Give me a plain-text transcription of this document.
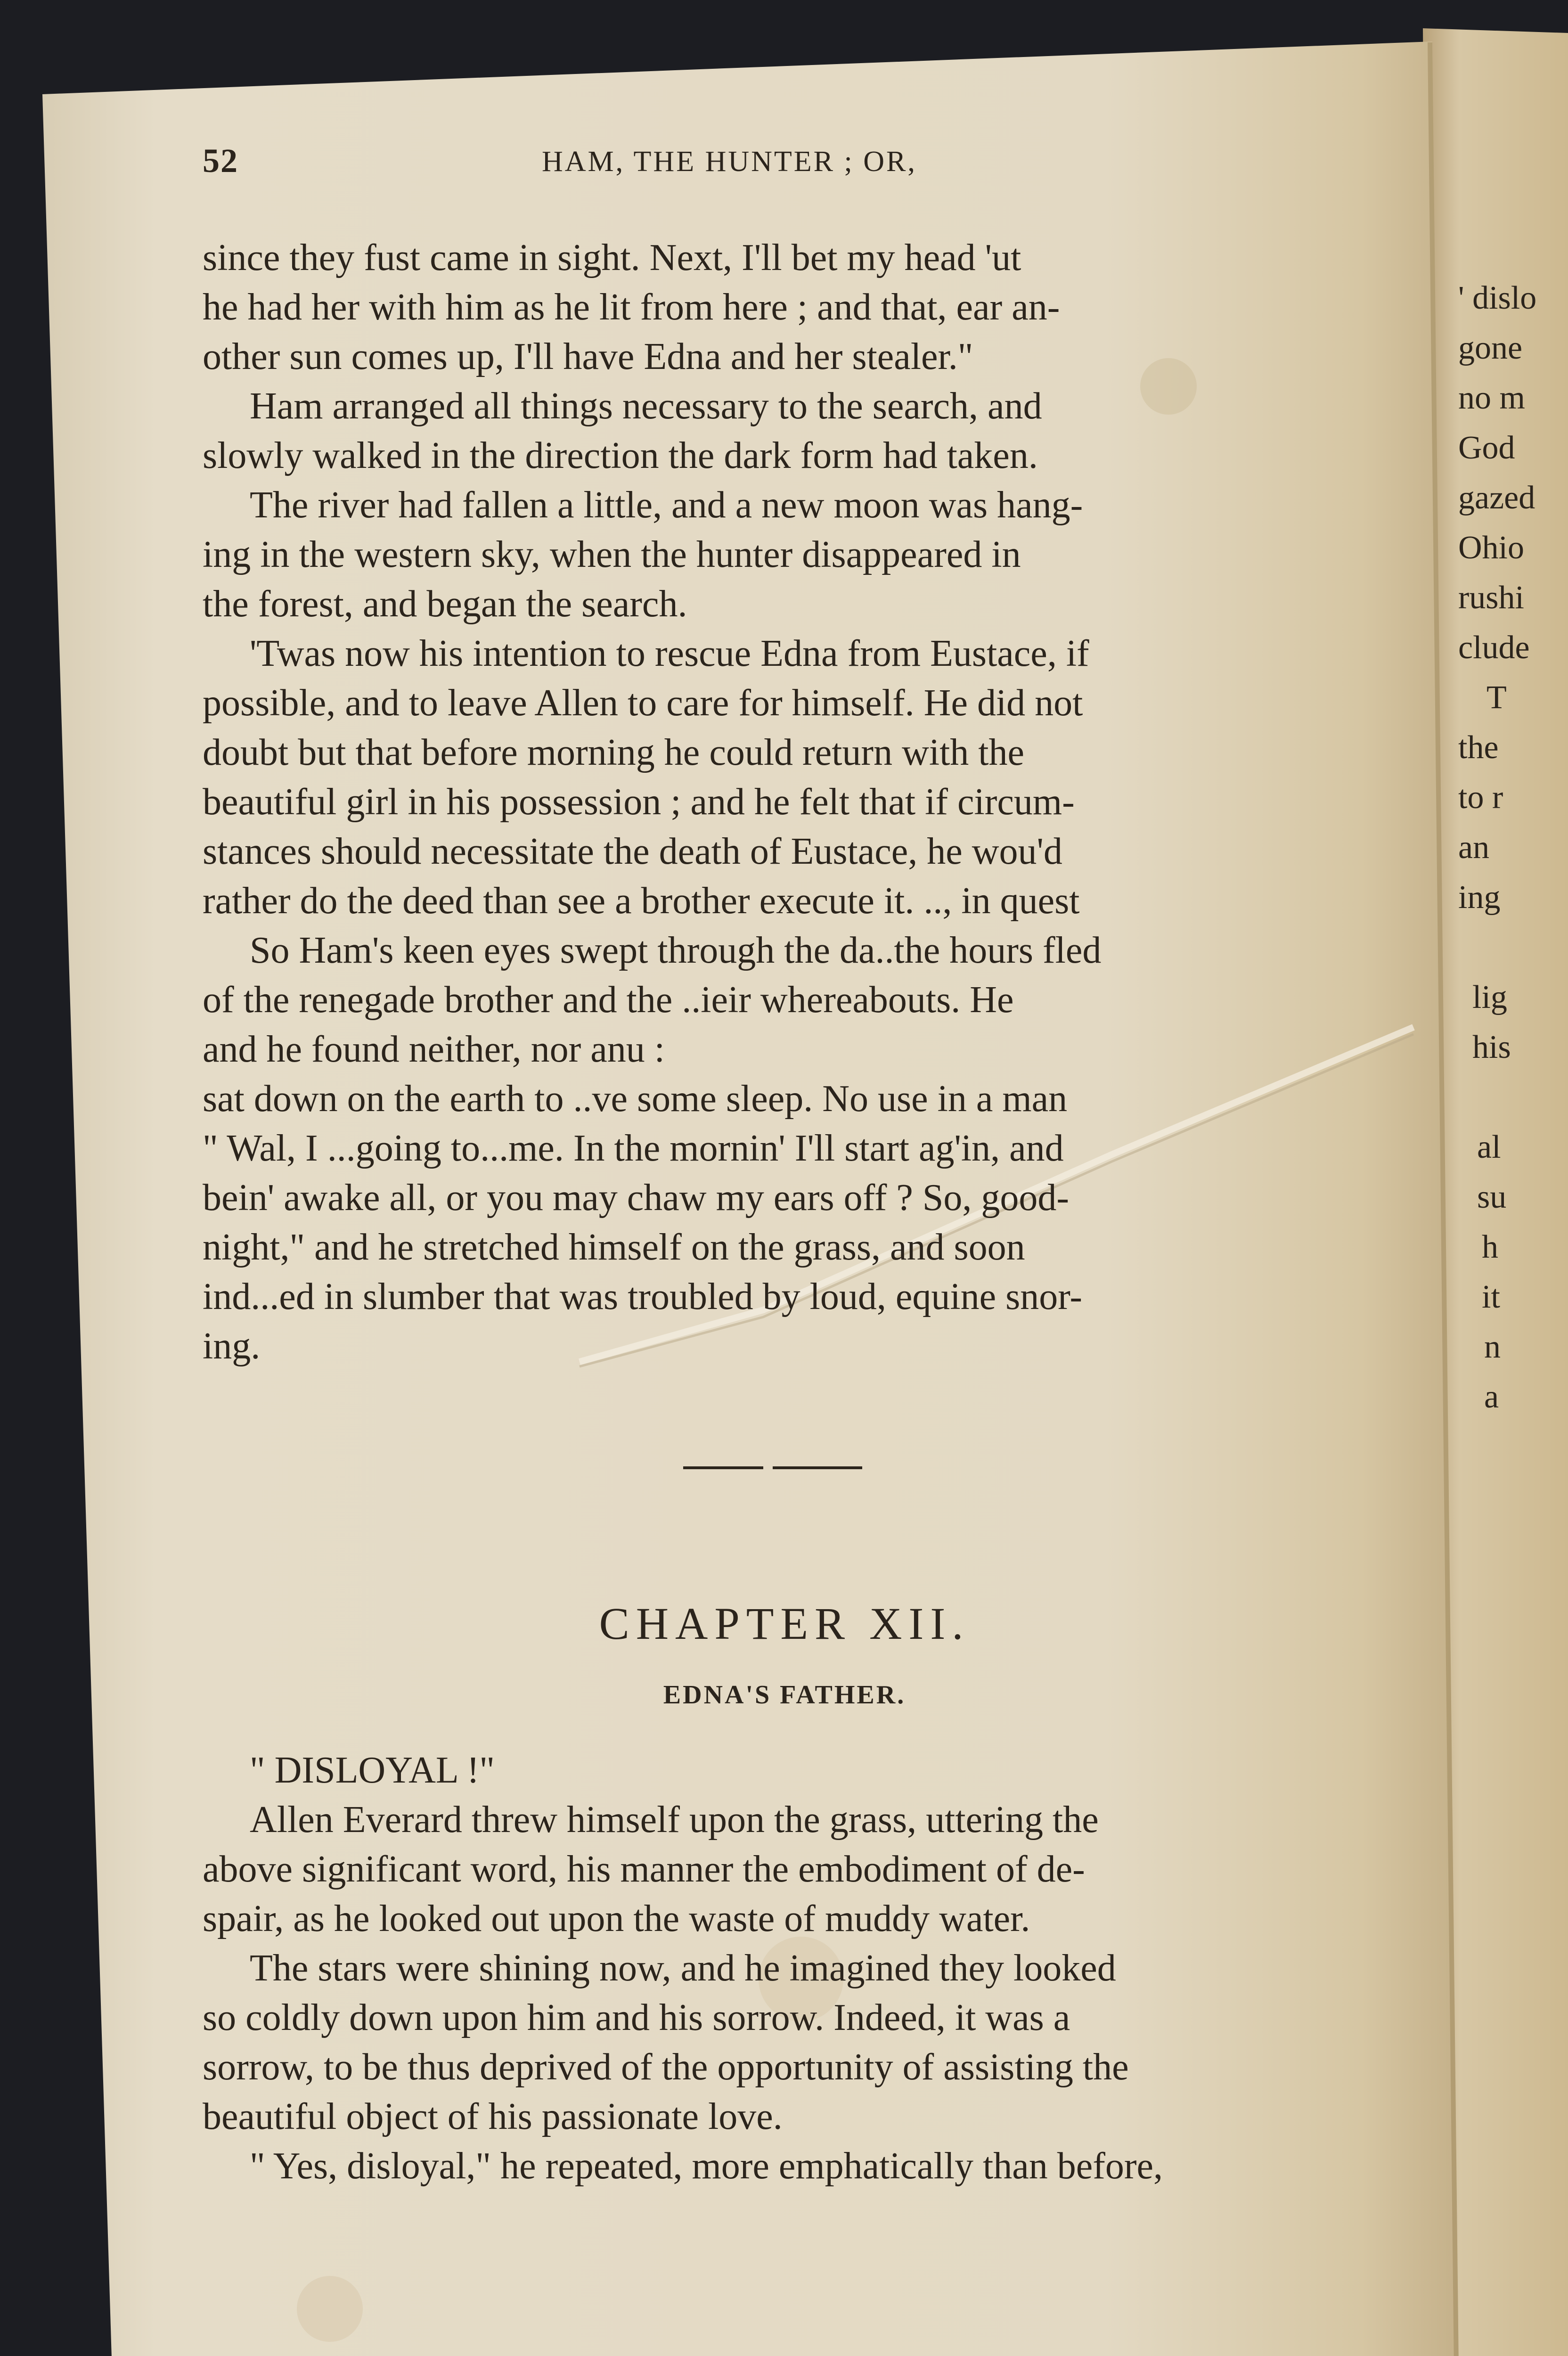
52	HAM, THE HUNTER ; OR,
since they fust came in sight. Next, I'll bet my head 'ut
he had her with him as he lit from here ; and that, ear an-
other sun comes up, I'll have Edna and her stealer."
Ham arranged all things necessary to the search, and
slowly walked in the direction the dark form had taken.
The river had fallen a little, and a new moon was hang-
ing in the western sky, when the hunter disappeared in
the forest, and began the search.
'Twas now his intention to rescue Edna from Eustace, if
possible, and to leave Allen to care for himself. He did not
doubt but that before morning he could return with the
beautiful girl in his possession ; and he felt that if circum-
stances should necessitate the death of Eustace, he wou'd
rather do the deed than see a brother execute it. .., in quest
So Ham's keen eyes swept through the da..the hours fled
of the renegade brother and the ..ieir whereabouts. He
and he found neither, nor anu :
sat down on the earth to ..ve some sleep. No use in a man
" Wal, I ...going to...me. In the mornin' I'll start ag'in, and
bein' awake all, or you may chaw my ears off ? So, good-
night," and he stretched himself on the grass, and soon
ind...ed in slumber that was troubled by loud, equine snor-
ing.
CHAPTER XII.
EDNA'S FATHER.
" DISLOYAL !"
Allen Everard threw himself upon the grass, uttering the
above significant word, his manner the embodiment of de-
spair, as he looked out upon the waste of muddy water.
The stars were shining now, and he imagined they looked
so coldly down upon him and his sorrow. Indeed, it was a
sorrow, to be thus deprived of the opportunity of assisting the
beautiful object of his passionate love.
" Yes, disloyal," he repeated, more emphatically than before,
' dislo
gone
no m
God
gazed
Ohio
rushi
clude
T
the
to r
an
ing
lig
his
al
su
h
it
n
a
